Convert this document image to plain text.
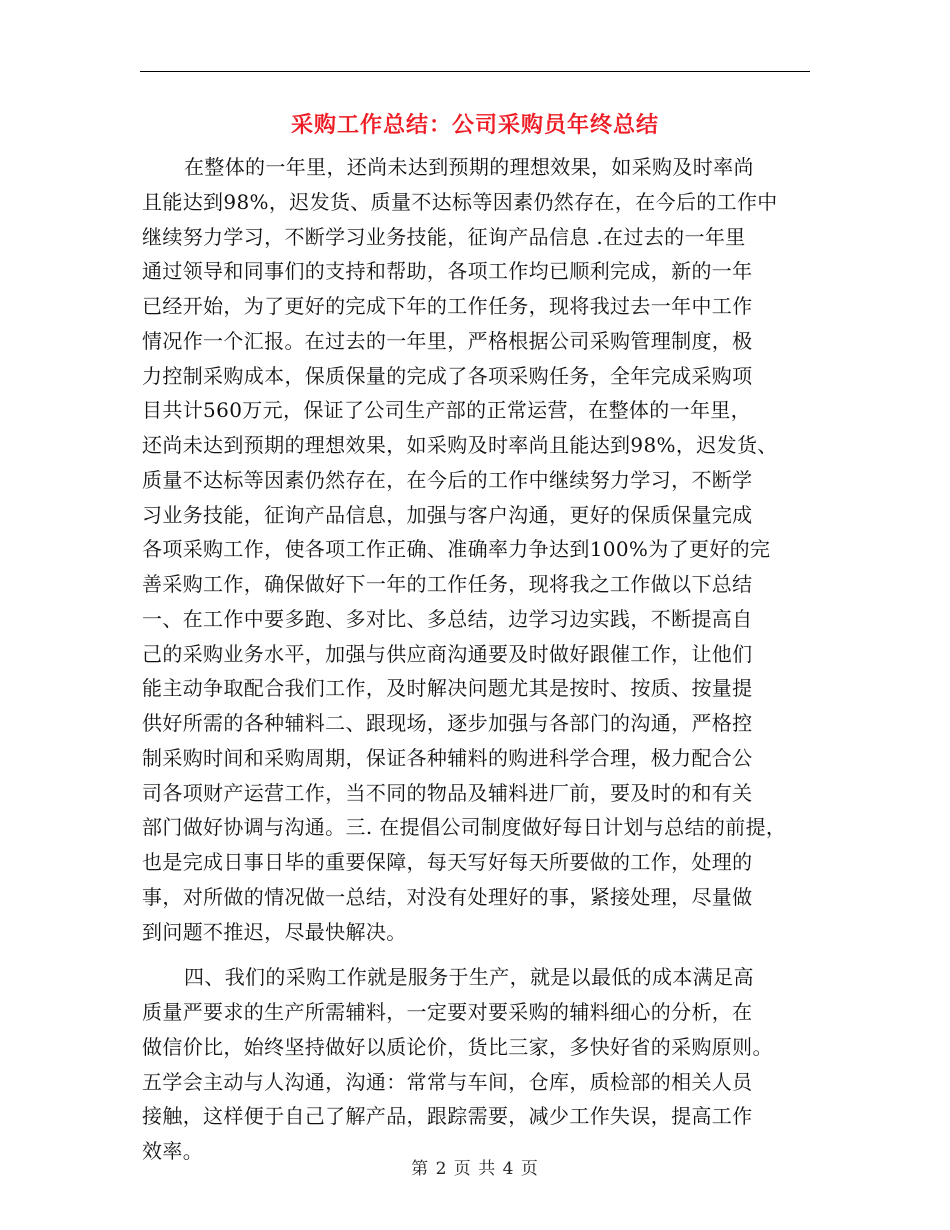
采购工作总结：公司采购员年终总结
在整体的一年里，还尚未达到预期的理想效果，如采购及时率尚
且能达到98%，迟发货、质量不达标等因素仍然存在，在今后的工作中
继续努力学习，不断学习业务技能，征询产品信息 .在过去的一年里
通过领导和同事们的支持和帮助，各项工作均已顺利完成，新的一年
已经开始，为了更好的完成下年的工作任务，现将我过去一年中工作
情况作一个汇报。在过去的一年里，严格根据公司采购管理制度，极
力控制采购成本，保质保量的完成了各项采购任务，全年完成采购项
目共计560万元，保证了公司生产部的正常运营，在整体的一年里，
还尚未达到预期的理想效果，如采购及时率尚且能达到98%，迟发货、
质量不达标等因素仍然存在，在今后的工作中继续努力学习，不断学
习业务技能，征询产品信息，加强与客户沟通，更好的保质保量完成
各项采购工作，使各项工作正确、准确率力争达到100%为了更好的完
善采购工作，确保做好下一年的工作任务，现将我之工作做以下总结
一、在工作中要多跑、多对比、多总结，边学习边实践，不断提高自
己的采购业务水平，加强与供应商沟通要及时做好跟催工作，让他们
能主动争取配合我们工作，及时解决问题尤其是按时、按质、按量提
供好所需的各种辅料二、跟现场，逐步加强与各部门的沟通，严格控
制采购时间和采购周期，保证各种辅料的购进科学合理，极力配合公
司各项财产运营工作，当不同的物品及辅料进厂前，要及时的和有关
部门做好协调与沟通。三. 在提倡公司制度做好每日计划与总结的前提，
也是完成日事日毕的重要保障，每天写好每天所要做的工作，处理的
事，对所做的情况做一总结，对没有处理好的事，紧接处理，尽量做
到问题不推迟，尽最快解决。
四、我们的采购工作就是服务于生产，就是以最低的成本满足高
质量严要求的生产所需辅料，一定要对要采购的辅料细心的分析，在
做信价比，始终坚持做好以质论价，货比三家，多快好省的采购原则。
五学会主动与人沟通，沟通：常常与车间，仓库，质检部的相关人员
接触，这样便于自己了解产品，跟踪需要，减少工作失误，提高工作
效率。
第 2 页 共 4 页
